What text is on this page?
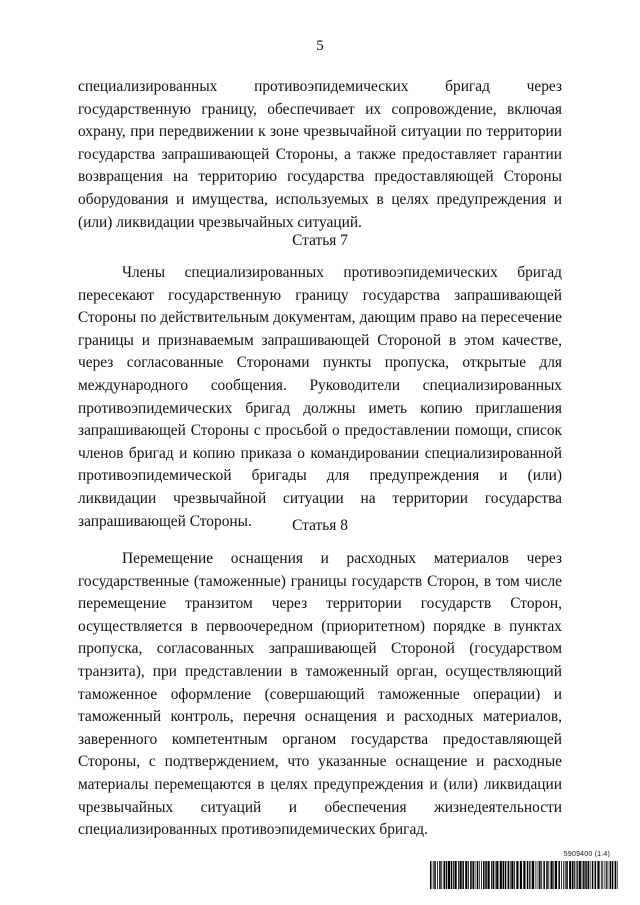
5

специализированных противоэпидемических бригад через государственную границу, обеспечивает их сопровождение, включая охрану, при передвижении к зоне чрезвычайной ситуации по территории государства запрашивающей Стороны, а также предоставляет гарантии возвращения на территорию государства предоставляющей Стороны оборудования и имущества, используемых в целях предупреждения и (или) ликвидации чрезвычайных ситуаций.

Статья 7

Члены специализированных противоэпидемических бригад пересекают государственную границу государства запрашивающей Стороны по действительным документам, дающим право на пересечение границы и признаваемым запрашивающей Стороной в этом качестве, через согласованные Сторонами пункты пропуска, открытые для международного сообщения. Руководители специализированных противоэпидемических бригад должны иметь копию приглашения запрашивающей Стороны с просьбой о предоставлении помощи, список членов бригад и копию приказа о командировании специализированной противоэпидемической бригады для предупреждения и (или) ликвидации чрезвычайной ситуации на территории государства запрашивающей Стороны.	Статья 8

Перемещение оснащения и расходных материалов через государственные (таможенные) границы государств Сторон, в том числе перемещение транзитом через территории государств Сторон, осуществляется в первоочередном (приоритетном) порядке в пунктах пропуска, согласованных запрашивающей Стороной (государством транзита), при представлении в таможенный орган, осуществляющий таможенное оформление (совершающий таможенные операции) и таможенный контроль, перечня оснащения и расходных материалов, заверенного компетентным органом государства предоставляющей Стороны, с подтверждением, что указанные оснащение и расходные материалы перемещаются в целях предупреждения и (или) ликвидации чрезвычайных ситуаций и обеспечения жизнедеятельности специализированных противоэпидемических бригад.

5909400 (1.4)
